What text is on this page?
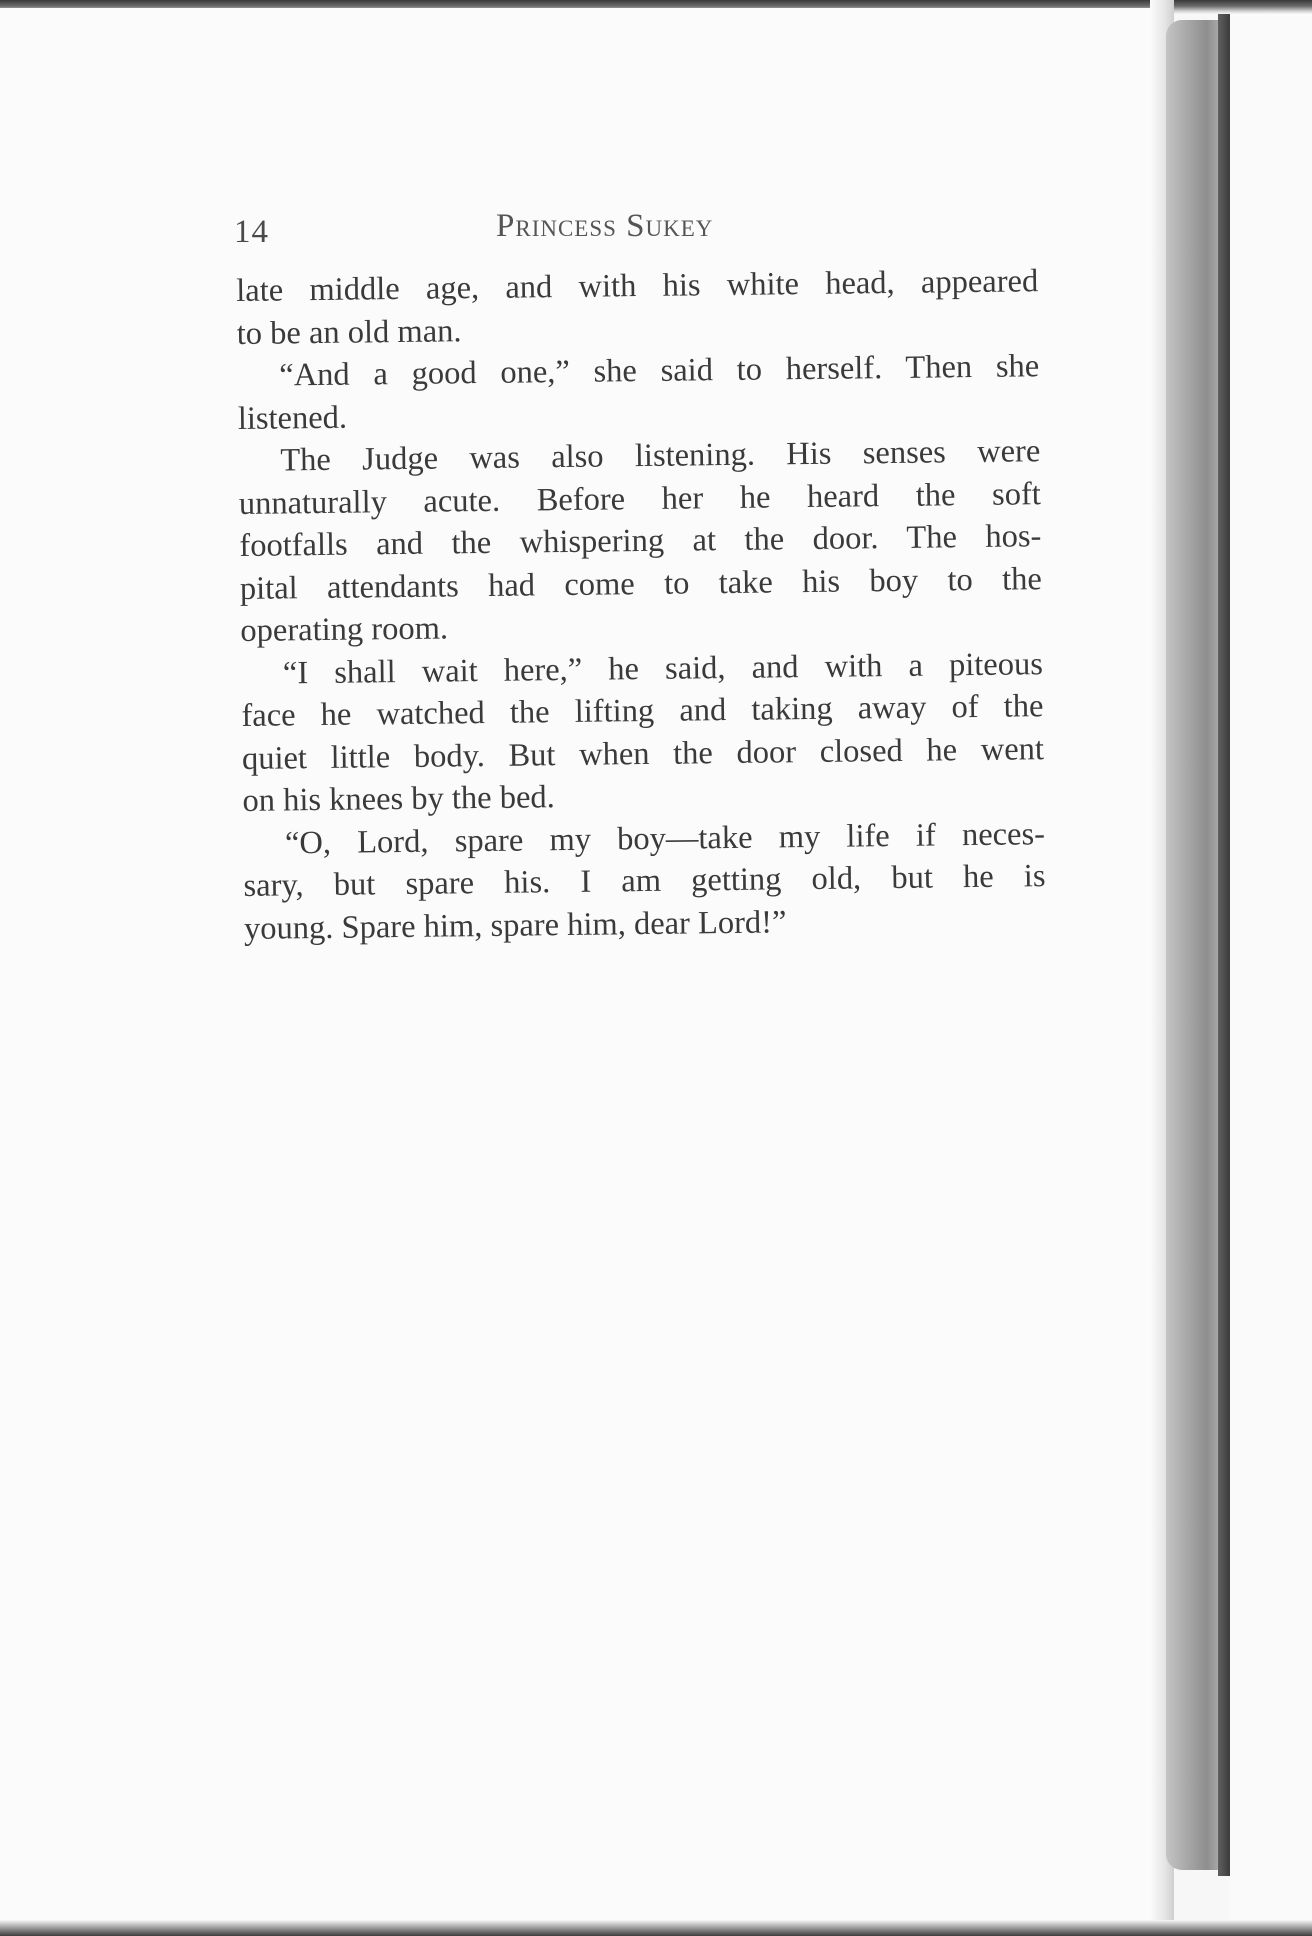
14	Princess Sukey
late middle age, and with his white head, appeared
to be an old man.
“And a good one,” she said to herself. Then she
listened.
The Judge was also listening. His senses were
unnaturally acute. Before her he heard the soft
footfalls and the whispering at the door. The hos-
pital attendants had come to take his boy to the
operating room.
“I shall wait here,” he said, and with a piteous
face he watched the lifting and taking away of the
quiet little body. But when the door closed he went
on his knees by the bed.
“O, Lord, spare my boy—take my life if neces-
sary, but spare his. I am getting old, but he is
young. Spare him, spare him, dear Lord!”
